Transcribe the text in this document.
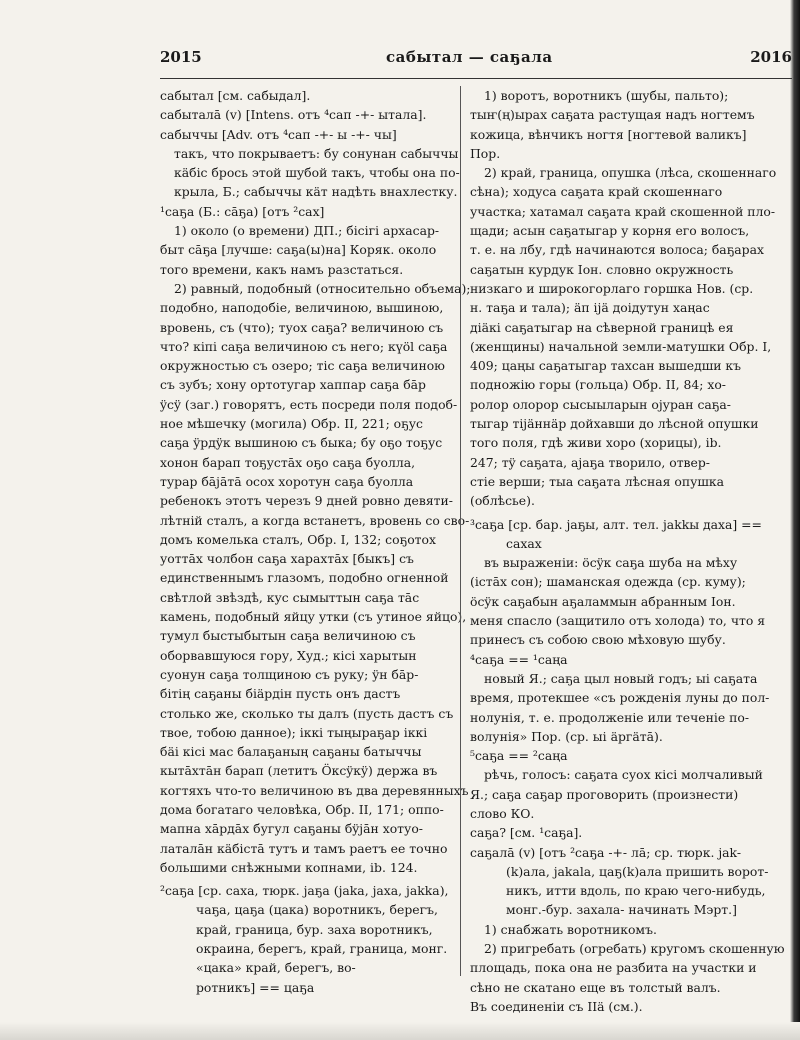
2015	сабытал — саҕала	2016
сабытал [см. сабыдал].
сабыталā (v) [Intens. отъ ⁴сап -+- ытала].
сабыччы [Adv. отъ ⁴сап -+- ы -+- чы]
такъ, что покрываетъ: бу сонунан сабыччы
кäбіс брось этой шубой такъ, чтобы она по-
крыла, Б.; сабыччы кäт надѣть внахлестку.
¹саҕа (Б.: сāҕа) [отъ ²сах]
1) около (о времени) ДП.; бісігі архасар-
быт сāҕа [лучше: саҕа(ы)на] Коряк. около
того времени, какъ намъ разстаться.
2) равный, подобный (относительно объема);
подобно, наподобіе, величиною, вышиною,
вровень, съ (что); туох саҕа? величиною съ
что? кіпі саҕа величиною съ него; күöl саҕа
окружностью съ озеро; тіс саҕа величиною
съ зубъ; хону ортотугар хаппар саҕа бāр
ÿсÿ (заг.) говорятъ, есть посреди поля подоб-
ное мѣшечку (могила) Обр. II, 221; оҕус
саҕа ÿрдÿк вышиною съ быка; бу оҕо тоҕус
хонон барап тоҕустāх оҕо саҕа буолла,
турар бājāтā осох хоротун саҕа буолла
ребенокъ этотъ черезъ 9 дней ровно девяти-
лѣтній сталъ, а когда встанетъ, вровень со сво-
домъ комелька сталъ, Обр. I, 132; соҕотох
уоттāх чолбон саҕа харахтāх [быкъ] съ
единственнымъ глазомъ, подобно огненной
свѣтлой звѣздѣ, кус сымыттын саҕа тāс
камень, подобный яйцу утки (съ утиное яйцо),
тумул быстыбытын саҕа величиною съ
оборвавшуюся гору, Худ.; кісі харытын
суонун саҕа толщиною съ руку; ÿн бāр-
бітің саҕаны біäрдін пусть онъ дастъ
столько же, сколько ты далъ (пусть дастъ съ
твое, тобою данное); іккі тыңыраҕар іккі
бäі кісі мас балаҕаның саҕаны батыччы
кытāхтāн барап (летитъ Öксÿкÿ) держа въ
когтяхъ что-то величиною въ два деревянныхъ
дома богатаго человѣка, Обр. II, 171; оппо-
мапна хāрдāх бугул саҕаны бÿjāн хотуо-
латалāн кäбістā тутъ и тамъ раетъ ее точно
большими снѣжными копнами, ib. 124.
²саҕа [ср. саха, тюрк. jаҕа (jaka, jaxa, jakka),
чаҕа, цаҕа (цака) воротникъ, берегъ,
край, граница, бур. заха воротникъ,
окраина, берегъ, край, граница, монг.
«цака» край, берегъ, во-
ротникъ] == цаҕа
1) воротъ, воротникъ (шубы, пальто);
тыҥ(ң)ырах саҕата растущая надъ ногтемъ
кожица, вѣнчикъ ногтя [ногтевой валикъ]
Пор.
2) край, граница, опушка (лѣса, скошеннаго
сѣна); ходуса саҕата край скошеннаго
участка; хатамал саҕата край скошенной пло-
щади; асын саҕатыгар у корня его волосъ,
т. е. на лбу, гдѣ начинаются волоса; баҕарах
саҕатын курдук Іон. словно окружность
низкаго и широкогорлаго горшка Нов. (ср.
н. таҕа и тала); äп іjä доідутун хаңас
діäкі саҕатыгар на сѣверной границѣ ея
(женщины) начальной земли-матушки Обр. I,
409; цаңы саҕатыгар тахсан вышедши къ
подножію горы (гольца) Обр. II, 84; хо-
ролор олорор сысыыларын оjуран саҕа-
тыгар тіjäннäр дойхавши до лѣсной опушки
того поля, гдѣ живи хоро (хорицы), ib.
247; тÿ саҕата, аjаҕа творило, отвер-
стіе верши; тыа саҕата лѣсная опушка
(облѣсье).
³саҕа [ср. бар. jаҕы, алт. тел. jakkы даха] ==
сахах
въ выраженіи: öсÿк саҕа шуба на мѣху
(істāх сон); шаманская одежда (ср. куму);
öсÿк саҕабын аҕаламмын абранным Іон.
меня спасло (защитило отъ холода) то, что я
принесъ съ собою свою мѣховую шубу.
⁴саҕа == ¹саңа
новый Я.; саҕа цыл новый годъ; ыі саҕата
время, протекшее «съ рожденія луны до пол-
нолунія, т. е. продолженіе или теченіе по-
волунія» Пор. (ср. ыі äргäтā).
⁵саҕа == ²саңа
рѣчь, голосъ: саҕата суох кісі молчаливый
Я.; саҕа саҕар проговорить (произнести)
слово КО.
саҕа? [см. ¹саҕа].
саҕалā (v) [отъ ²саҕа -+- лā; ср. тюрк. jak-
(k)ала, jakala, цаҕ(k)ала пришить ворот-
никъ, итти вдоль, по краю чего-нибудь,
монг.-бур. захала- начинать Мэрт.]
1) снабжать воротникомъ.
2) пригребать (огребать) кругомъ скошенную
площадь, пока она не разбита на участки и
сѣно не скатано еще въ толстый валъ.
Въ соединеніи съ ІІä (см.).
